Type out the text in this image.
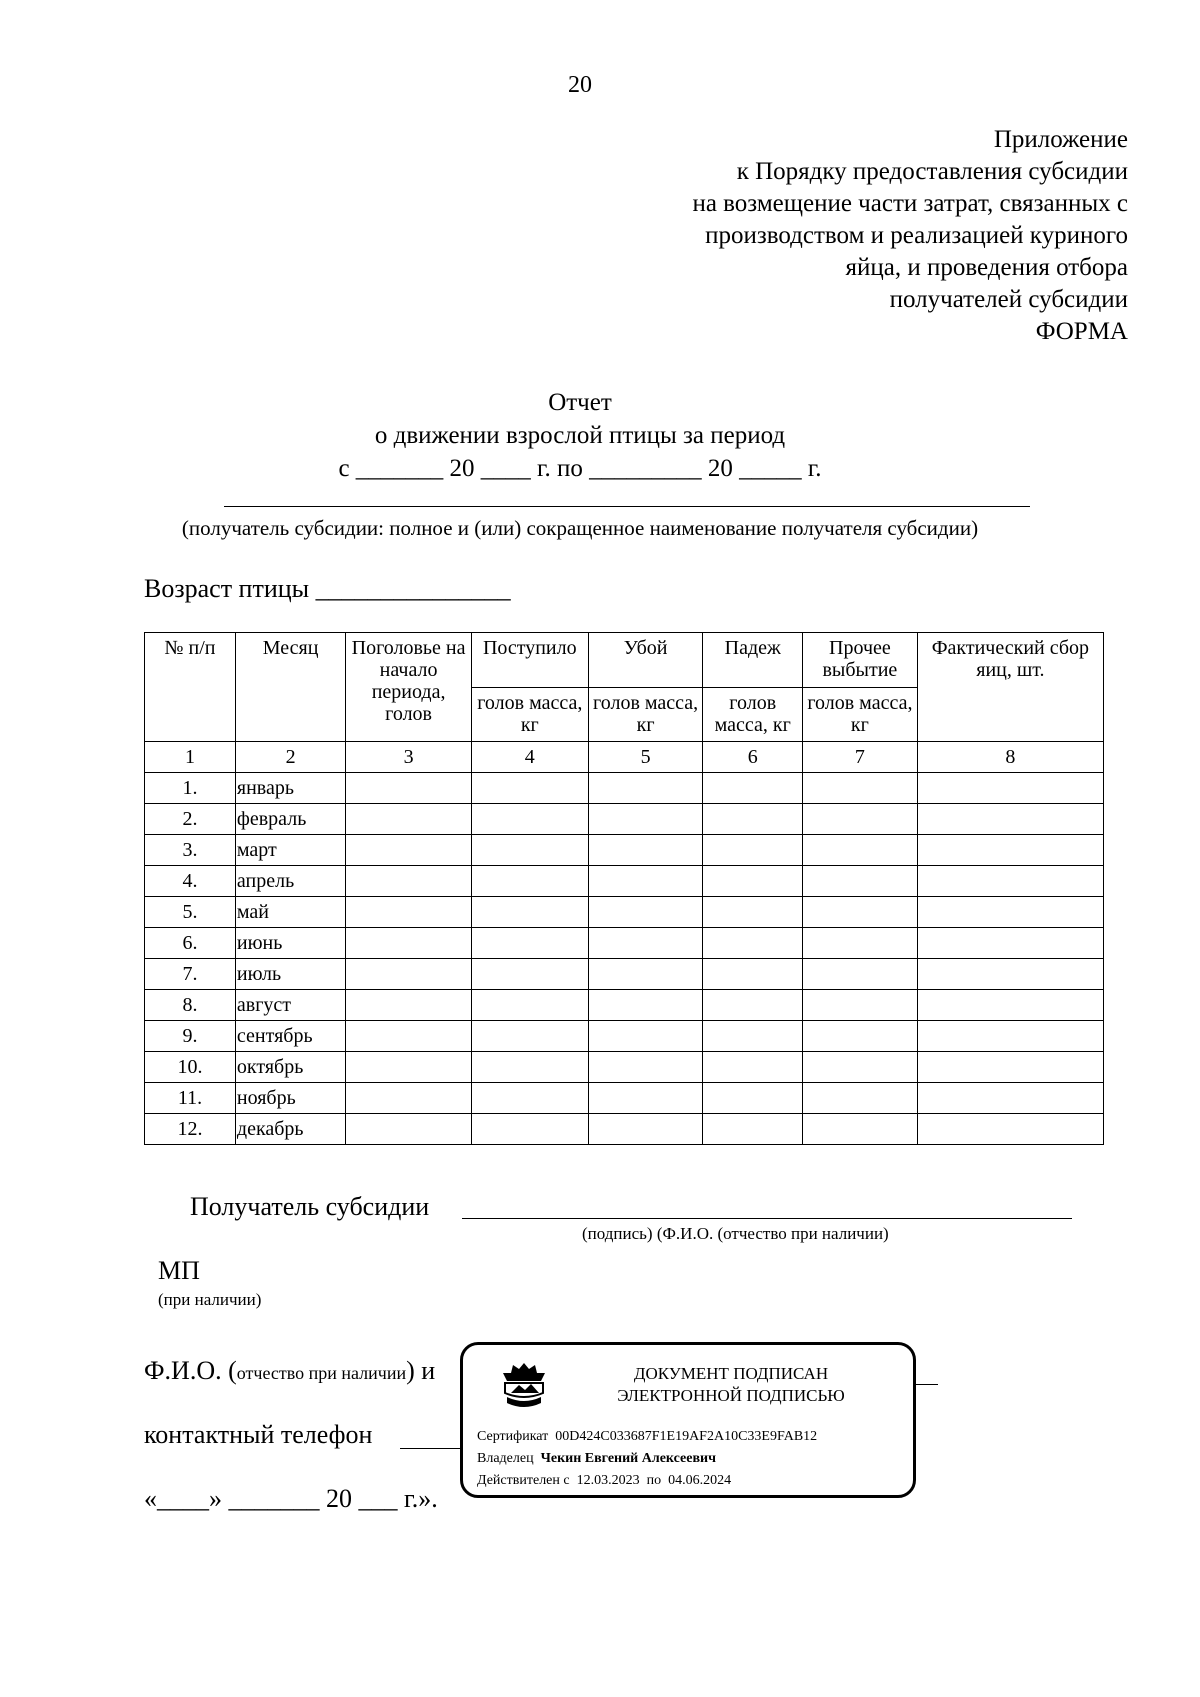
20
Приложение
к Порядку предоставления субсидии
на возмещение части затрат, связанных с
производством и реализацией куриного
яйца, и проведения отбора
получателей субсидии
ФОРМА
Отчет
о движении взрослой птицы за период
с _______ 20 ____ г. по _________ 20 _____ г.
(получатель субсидии: полное и (или) сокращенное наименование получателя субсидии)
Возраст птицы _______________
№ п/п	Месяц	Поголовье на начало периода, голов	Поступило	Убой	Падеж	Прочее выбытие	Фактический сбор яиц, шт.
			голов масса, кг	голов масса, кг	голов масса, кг	голов масса, кг	
1	2	3	4	5	6	7	8
1.	январь						
2.	февраль						
3.	март						
4.	апрель						
5.	май						
6.	июнь						
7.	июль						
8.	август						
9.	сентябрь						
10.	октябрь						
11.	ноябрь						
12.	декабрь						
Получатель субсидии
(подпись) (Ф.И.О. (отчество при наличии)
МП
(при наличии)
Ф.И.О. (отчество при наличии) и
контактный телефон
«____» _______ 20 ___ г.».
ДОКУМЕНТ ПОДПИСАН
ЭЛЕКТРОННОЙ ПОДПИСЬЮ
Сертификат 00D424C033687F1E19AF2A10C33E9FAB12
Владелец Чекин Евгений Алексеевич
Действителен с 12.03.2023 по 04.06.2024
